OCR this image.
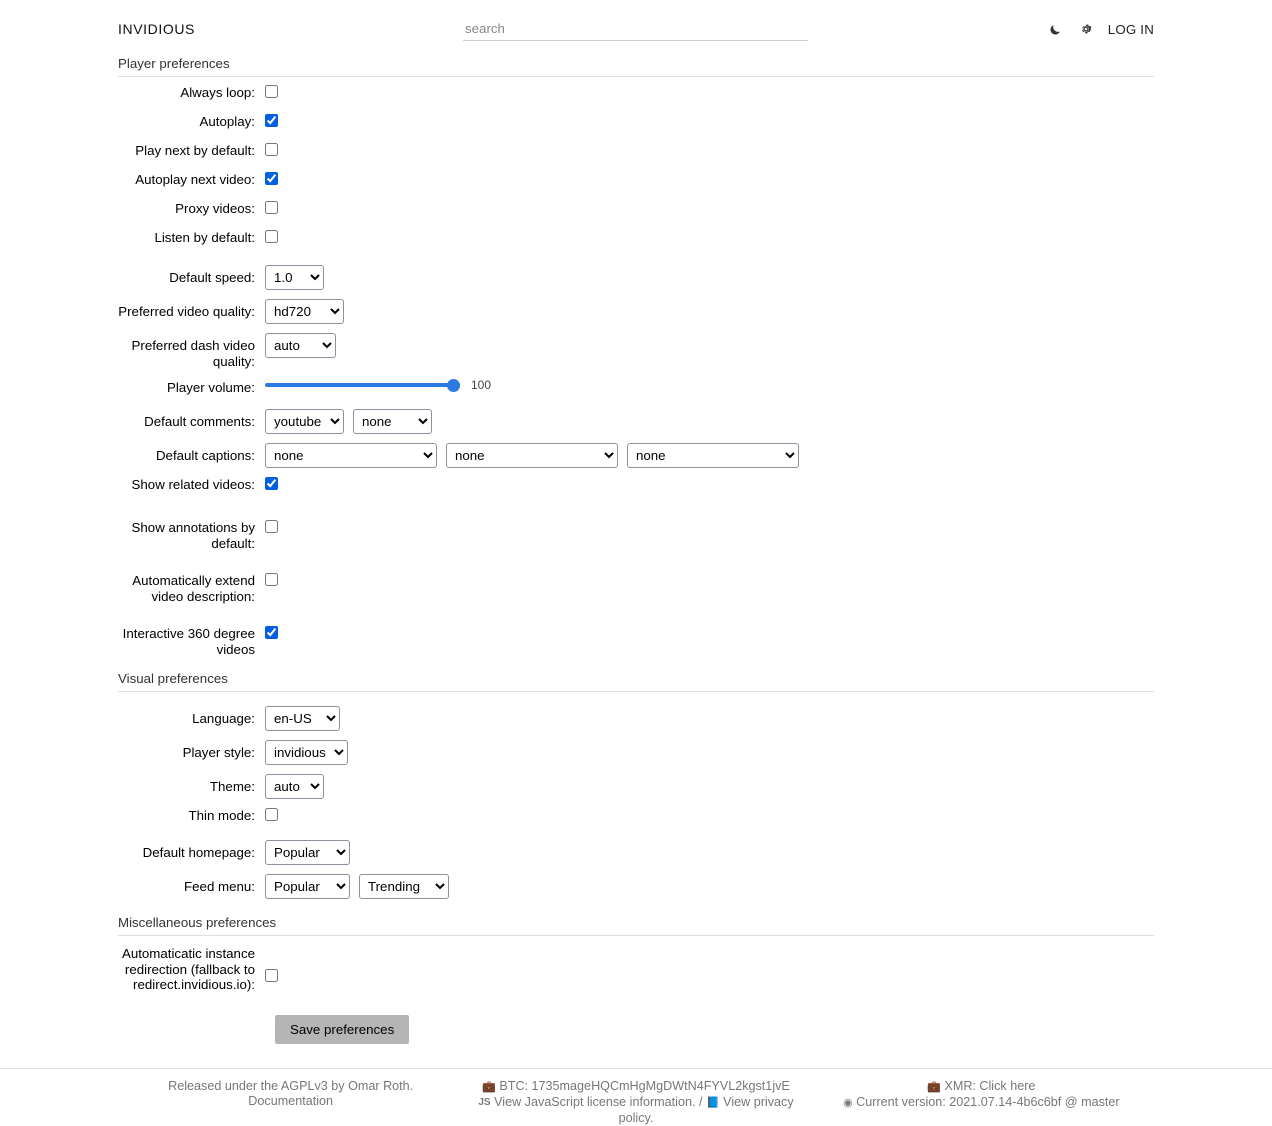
INVIDIOUS
search	LOG IN
Player preferences
Always loop:
Autoplay:
Play next by default:
Autoplay next video:
Proxy videos:
Listen by default:
Default speed:
1.0
Preferred video quality:
hd720
Preferred dash video quality:
auto
Player volume:	100
Default comments:
youtube
none
Default captions:
none
none
none
Show related videos:
Show annotations by default:
Automatically extend video description:
Interactive 360 degree videos
Visual preferences
Language:
en-US
Player style:
invidious
Theme:
auto
Thin mode:
Default homepage:
Popular
Feed menu:
Popular
Trending
Miscellaneous preferences
Automaticatic instance redirection (fallback to redirect.invidious.io):
Save preferences
Released under the AGPLv3 by Omar Roth.
Documentation
💼 BTC: 1735mageHQCmHgMgDWtN4FYVL2kgst1jvE
JS View JavaScript license information. / 📘 View privacy policy.
💼 XMR: Click here
◉ Current version: 2021.07.14-4b6c6bf @ master
